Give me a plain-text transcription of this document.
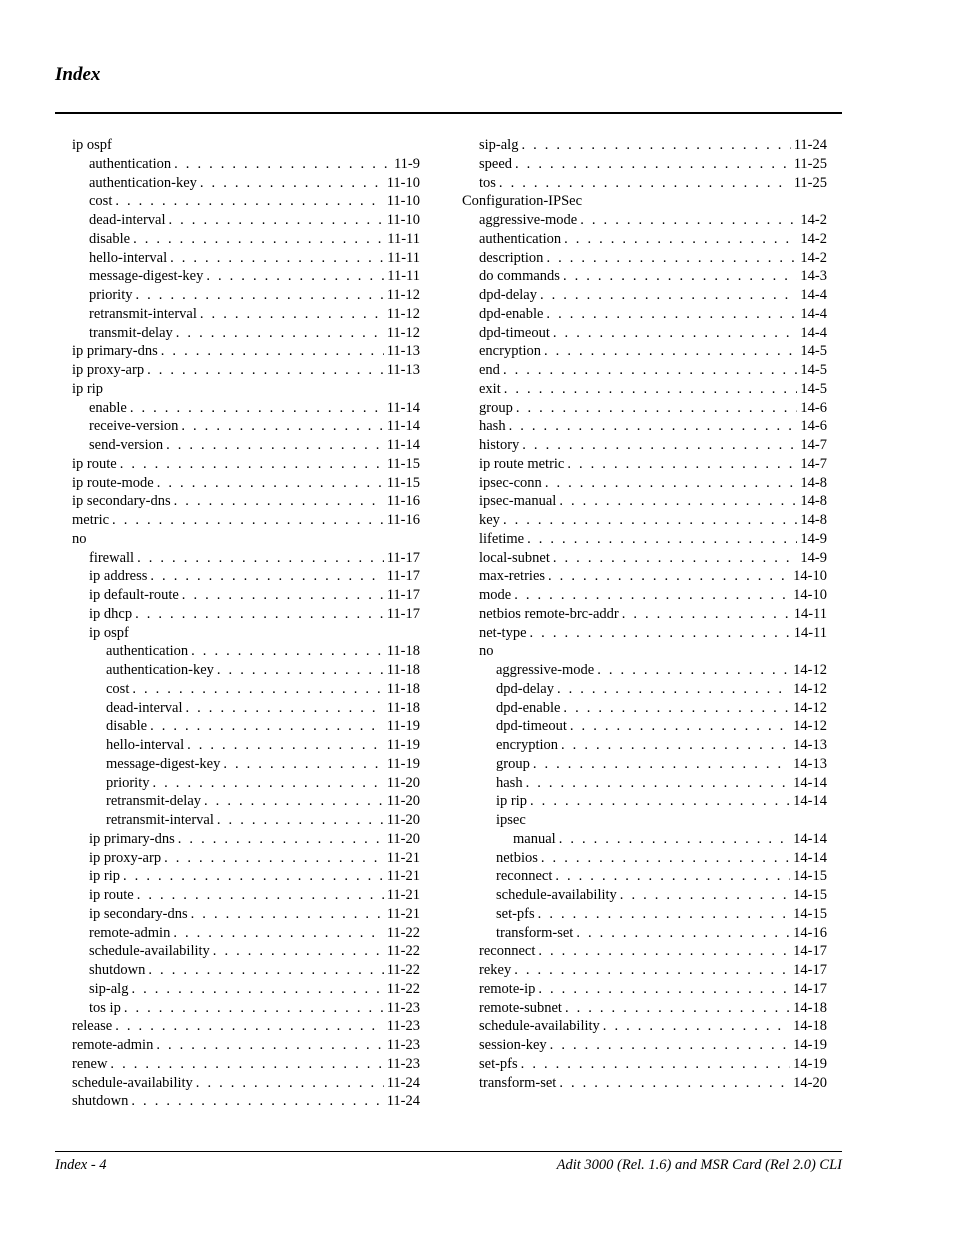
Index
ip ospf
authentication . . .	11-9
authentication-key . . .	11-10
cost . . .	11-10
dead-interval . . .	11-10
disable . . .	11-11
hello-interval . . .	11-11
message-digest-key . . .	11-11
priority . . .	11-12
retransmit-interval . . .	11-12
transmit-delay . . .	11-12
ip primary-dns . . .	11-13
ip proxy-arp . . .	11-13
ip rip
enable . . .	11-14
receive-version . . .	11-14
send-version . . .	11-14
ip route . . .	11-15
ip route-mode . . .	11-15
ip secondary-dns . . .	11-16
metric . . .	11-16
no
firewall . . .	11-17
ip address . . .	11-17
ip default-route . . .	11-17
ip dhcp . . .	11-17
ip ospf
authentication . . .	11-18
authentication-key . . .	11-18
cost . . .	11-18
dead-interval . . .	11-18
disable . . .	11-19
hello-interval . . .	11-19
message-digest-key . . .	11-19
priority . . .	11-20
retransmit-delay . . .	11-20
retransmit-interval . . .	11-20
ip primary-dns . . .	11-20
ip proxy-arp . . .	11-21
ip rip . . .	11-21
ip route . . .	11-21
ip secondary-dns . . .	11-21
remote-admin . . .	11-22
schedule-availability . . .	11-22
shutdown . . .	11-22
sip-alg . . .	11-22
tos ip . . .	11-23
release . . .	11-23
remote-admin . . .	11-23
renew . . .	11-23
schedule-availability . . .	11-24
shutdown . . .	11-24
sip-alg . . .	11-24
speed . . .	11-25
tos . . .	11-25
Configuration-IPSec
aggressive-mode . . .	14-2
authentication . . .	14-2
description . . .	14-2
do commands . . .	14-3
dpd-delay . . .	14-4
dpd-enable . . .	14-4
dpd-timeout . . .	14-4
encryption . . .	14-5
end . . .	14-5
exit . . .	14-5
group . . .	14-6
hash . . .	14-6
history . . .	14-7
ip route metric . . .	14-7
ipsec-conn . . .	14-8
ipsec-manual . . .	14-8
key . . .	14-8
lifetime . . .	14-9
local-subnet . . .	14-9
max-retries . . .	14-10
mode . . .	14-10
netbios remote-brc-addr . . .	14-11
net-type . . .	14-11
no
aggressive-mode . . .	14-12
dpd-delay . . .	14-12
dpd-enable . . .	14-12
dpd-timeout . . .	14-12
encryption . . .	14-13
group . . .	14-13
hash . . .	14-14
ip rip . . .	14-14
ipsec
manual . . .	14-14
netbios . . .	14-14
reconnect . . .	14-15
schedule-availability . . .	14-15
set-pfs . . .	14-15
transform-set . . .	14-16
reconnect . . .	14-17
rekey . . .	14-17
remote-ip . . .	14-17
remote-subnet . . .	14-18
schedule-availability . . .	14-18
session-key . . .	14-19
set-pfs . . .	14-19
transform-set . . .	14-20
Index - 4	Adit 3000 (Rel. 1.6) and MSR Card (Rel 2.0) CLI
